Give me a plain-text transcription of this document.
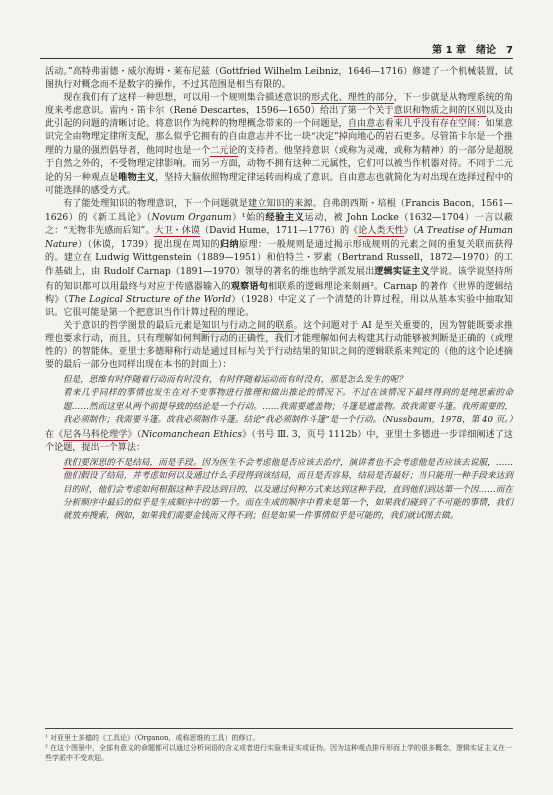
第 1 章　绪论　7

活动。”高特弗雷德・威尔海姆・莱布尼兹（Gottfried Wilhelm Leibniz，1646—1716）修建了一个机械装置，试图执行对概念而不是数字的操作，不过其范围是相当有限的。

现在我们有了这样一种思想，可以用一个规则集合描述意识的形式化、理性的部分，下一步就是从物理系统的角度来考虑意识。雷内・笛卡尔（René Descartes，1596—1650）给出了第一个关于意识和物质之间的区别以及由此引起的问题的清晰讨论。将意识作为纯粹的物理概念带来的一个问题是，自由意志看来几乎没有存在空间：如果意识完全由物理定律所支配，那么似乎它拥有的自由意志并不比一块“决定”掉向地心的岩石更多。尽管笛卡尔是一个推理的力量的强烈倡导者，他同时也是一个二元论的支持者。他坚持意识（或称为灵魂，或称为精神）的一部分是超脱于自然之外的，不受物理定律影响。而另一方面，动物不拥有这种二元属性，它们可以被当作机器对待。不同于二元论的另一种观点是唯物主义，坚持大脑依照物理定律运转而构成了意识。自由意志也就简化为对出现在选择过程中的可能选择的感受方式。

有了能处理知识的物理意识，下一个问题就是建立知识的来源。自弗朗西斯・培根（Francis Bacon，1561—1626）的《新工具论》（Novum Organum）¹始的经验主义运动，被 John Locke（1632—1704）一言以蔽之：“无物非先感而后知”。大卫・休谟（David Hume，1711—1776）的《论人类天性》（A Treatise of Human Nature）（休谟，1739）提出现在周知的归纳原理：一般规则是通过揭示形成规则的元素之间的重复关联而获得的。建立在 Ludwig Wittgenstein（1889—1951）和伯特兰・罗素（Bertrand Russell，1872—1970）的工作基础上，由 Rudolf Carnap（1891—1970）领导的著名的维也纳学派发展出逻辑实证主义学说。该学说坚持所有的知识都可以用最终与对应于传感器输入的观察语句相联系的逻辑理论来刻画²。Carnap 的著作《世界的逻辑结构》（The Logical Structure of the World）（1928）中定义了一个清楚的计算过程，用以从基本实验中抽取知识。它很可能是第一个把意识当作计算过程的理论。

关于意识的哲学图景的最后元素是知识与行动之间的联系。这个问题对于 AI 是至关重要的，因为智能既要求推理也要求行动，而且，只有理解如何判断行动的正确性，我们才能理解如何去构建其行动能够被判断是正确的（或理性的）的智能体。亚里士多德辩称行动是通过目标与关于行动结果的知识之间的逻辑联系来判定的（他的这个论述摘要的最后一部分也同样出现在本书的封面上）：

但是，思维有时伴随着行动而有时没有，有时伴随着运动而有时没有，那是怎么发生的呢？
看来几乎同样的事情也发生在对不变事物进行推理和做出推论的情况下。不过在该情况下最终得到的是纯思索的命题……然而这里从两个前提导致的结论是一个行动。……我需要遮盖物；斗篷是遮盖物。故我需要斗篷。我所需要的，我必须制作；我需要斗篷。故我必须制作斗篷。结论“我必须制作斗篷”是一个行动。（Nussbaum，1978，第 40 页。）

在《尼各马科伦理学》（Nicomanchean Ethics》（书号 Ⅲ. 3，页号 1112b）中，亚里士多德进一步详细阐述了这个论题，提出一个算法：

我们要深思的不是结局，而是手段。因为医生不会考虑他是否应该去治疗，演讲者也不会考虑他是否应该去说服，……他们假设了结局，并考虑如何以及通过什么手段得到该结局，而且是否容易，结局是否最好；当只能用一种手段来达到目的时，他们会考虑如何根据这种手段达到目的，以及通过何种方式来达到这种手段，直到他们到达第一个因……而在分析顺序中最后的似乎是生成顺序中的第一个。而在生成的顺序中看来是第一个，如果我们碰到了不可能的事情，我们就放弃搜索，例如，如果我们需要金钱而又得不到；但是如果一件事情似乎是可能的，我们就试图去做。
¹ 对亚里士多德的《工具论》（Organon，或称思维的工具）的修订。
² 在这个图景中，全部有意义的命题都可以通过分析词语的含义或者进行实验来证实或证伪。因为这种观点排斥形而上学的很多概念，逻辑实证主义在一些学派中不受欢迎。
